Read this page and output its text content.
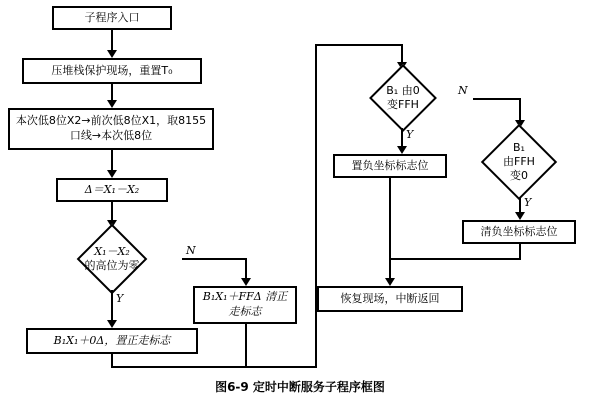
子程序入口
压堆栈保护现场，重置T₀
本次低8位X2→前次低8位X1，取8155口线→本次低8位
Δ＝X₁－X₂
X₁－X₂
的高位为零
N
Y	B₁X₁＋FFΔ 清正走标志
B₁X₁＋0Δ，置正走标志
B₁ 由0
变FFH
N
Y
置负坐标标志位
B₁
由FFH
变0
Y
清负坐标标志位
恢复现场，中断返回
图6-9 定时中断服务子程序框图
